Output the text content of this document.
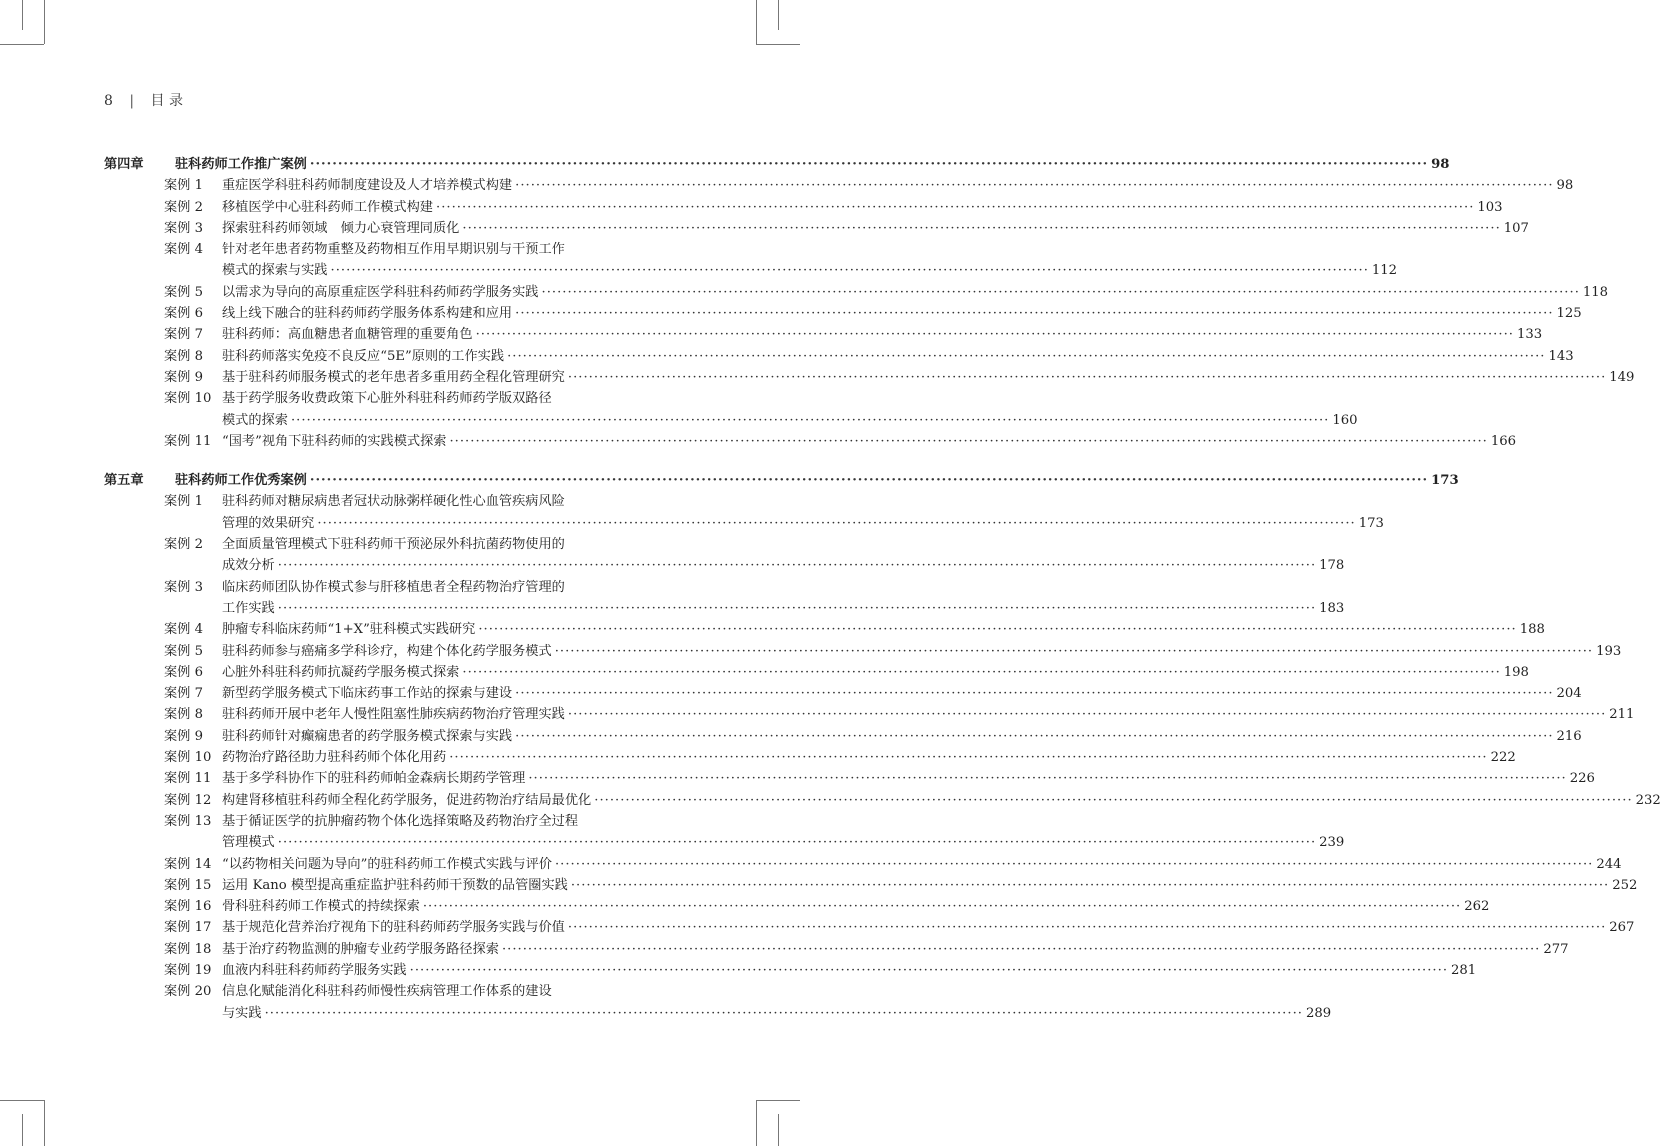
8 | 目 录
第四章 驻科药师工作推广案例 ········································································································································································································ 98
案例 1 重症医学科驻科药师制度建设及人才培养模式构建 ········································································································································································································ 98
案例 2 移植医学中心驻科药师工作模式构建 ········································································································································································································ 103
案例 3 探索驻科药师领域　倾力心衰管理同质化 ········································································································································································································ 107
案例 4 针对老年患者药物重整及药物相互作用早期识别与干预工作
模式的探索与实践 ········································································································································································································ 112
案例 5 以需求为导向的高原重症医学科驻科药师药学服务实践 ········································································································································································································ 118
案例 6 线上线下融合的驻科药师药学服务体系构建和应用 ········································································································································································································ 125
案例 7 驻科药师：高血糖患者血糖管理的重要角色 ········································································································································································································ 133
案例 8 驻科药师落实免疫不良反应“5E”原则的工作实践 ········································································································································································································ 143
案例 9 基于驻科药师服务模式的老年患者多重用药全程化管理研究 ········································································································································································································ 149
案例 10 基于药学服务收费政策下心脏外科驻科药师药学版双路径
模式的探索 ········································································································································································································ 160
案例 11 “国考”视角下驻科药师的实践模式探索 ········································································································································································································ 166
第五章 驻科药师工作优秀案例 ········································································································································································································ 173
案例 1 驻科药师对糖尿病患者冠状动脉粥样硬化性心血管疾病风险
管理的效果研究 ········································································································································································································ 173
案例 2 全面质量管理模式下驻科药师干预泌尿外科抗菌药物使用的
成效分析 ········································································································································································································ 178
案例 3 临床药师团队协作模式参与肝移植患者全程药物治疗管理的
工作实践 ········································································································································································································ 183
案例 4 肿瘤专科临床药师“1+X”驻科模式实践研究 ········································································································································································································ 188
案例 5 驻科药师参与癌痛多学科诊疗，构建个体化药学服务模式 ········································································································································································································ 193
案例 6 心脏外科驻科药师抗凝药学服务模式探索 ········································································································································································································ 198
案例 7 新型药学服务模式下临床药事工作站的探索与建设 ········································································································································································································ 204
案例 8 驻科药师开展中老年人慢性阻塞性肺疾病药物治疗管理实践 ········································································································································································································ 211
案例 9 驻科药师针对癫痫患者的药学服务模式探索与实践 ········································································································································································································ 216
案例 10 药物治疗路径助力驻科药师个体化用药 ········································································································································································································ 222
案例 11 基于多学科协作下的驻科药师帕金森病长期药学管理 ········································································································································································································ 226
案例 12 构建肾移植驻科药师全程化药学服务，促进药物治疗结局最优化 ········································································································································································································ 232
案例 13 基于循证医学的抗肿瘤药物个体化选择策略及药物治疗全过程
管理模式 ········································································································································································································ 239
案例 14 “以药物相关问题为导向”的驻科药师工作模式实践与评价 ········································································································································································································ 244
案例 15 运用 Kano 模型提高重症监护驻科药师干预数的品管圈实践 ········································································································································································································ 252
案例 16 骨科驻科药师工作模式的持续探索 ········································································································································································································ 262
案例 17 基于规范化营养治疗视角下的驻科药师药学服务实践与价值 ········································································································································································································ 267
案例 18 基于治疗药物监测的肿瘤专业药学服务路径探索 ········································································································································································································ 277
案例 19 血液内科驻科药师药学服务实践 ········································································································································································································ 281
案例 20 信息化赋能消化科驻科药师慢性疾病管理工作体系的建设
与实践 ········································································································································································································ 289
